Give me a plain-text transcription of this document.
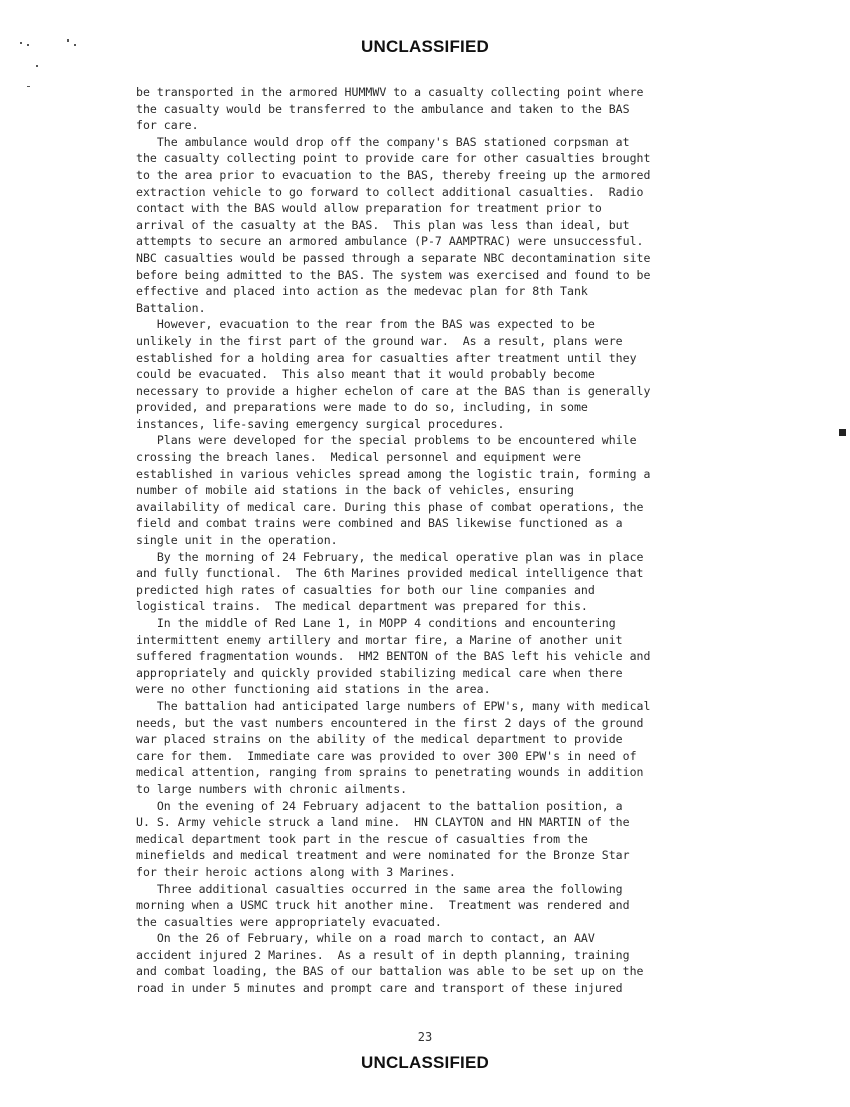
UNCLASSIFIED
be transported in the armored HUMMWV to a casualty collecting point where
the casualty would be transferred to the ambulance and taken to the BAS
for care.
The ambulance would drop off the company's BAS stationed corpsman at
the casualty collecting point to provide care for other casualties brought
to the area prior to evacuation to the BAS, thereby freeing up the armored
extraction vehicle to go forward to collect additional casualties.  Radio
contact with the BAS would allow preparation for treatment prior to
arrival of the casualty at the BAS.  This plan was less than ideal, but
attempts to secure an armored ambulance (P-7 AAMPTRAC) were unsuccessful.
NBC casualties would be passed through a separate NBC decontamination site
before being admitted to the BAS. The system was exercised and found to be
effective and placed into action as the medevac plan for 8th Tank
Battalion.
However, evacuation to the rear from the BAS was expected to be
unlikely in the first part of the ground war.  As a result, plans were
established for a holding area for casualties after treatment until they
could be evacuated.  This also meant that it would probably become
necessary to provide a higher echelon of care at the BAS than is generally
provided, and preparations were made to do so, including, in some
instances, life-saving emergency surgical procedures.
Plans were developed for the special problems to be encountered while
crossing the breach lanes.  Medical personnel and equipment were
established in various vehicles spread among the logistic train, forming a
number of mobile aid stations in the back of vehicles, ensuring
availability of medical care. During this phase of combat operations, the
field and combat trains were combined and BAS likewise functioned as a
single unit in the operation.
By the morning of 24 February, the medical operative plan was in place
and fully functional.  The 6th Marines provided medical intelligence that
predicted high rates of casualties for both our line companies and
logistical trains.  The medical department was prepared for this.
In the middle of Red Lane 1, in MOPP 4 conditions and encountering
intermittent enemy artillery and mortar fire, a Marine of another unit
suffered fragmentation wounds.  HM2 BENTON of the BAS left his vehicle and
appropriately and quickly provided stabilizing medical care when there
were no other functioning aid stations in the area.
The battalion had anticipated large numbers of EPW's, many with medical
needs, but the vast numbers encountered in the first 2 days of the ground
war placed strains on the ability of the medical department to provide
care for them.  Immediate care was provided to over 300 EPW's in need of
medical attention, ranging from sprains to penetrating wounds in addition
to large numbers with chronic ailments.
On the evening of 24 February adjacent to the battalion position, a
U. S. Army vehicle struck a land mine.  HN CLAYTON and HN MARTIN of the
medical department took part in the rescue of casualties from the
minefields and medical treatment and were nominated for the Bronze Star
for their heroic actions along with 3 Marines.
Three additional casualties occurred in the same area the following
morning when a USMC truck hit another mine.  Treatment was rendered and
the casualties were appropriately evacuated.
On the 26 of February, while on a road march to contact, an AAV
accident injured 2 Marines.  As a result of in depth planning, training
and combat loading, the BAS of our battalion was able to be set up on the
road in under 5 minutes and prompt care and transport of these injured
23
UNCLASSIFIED
